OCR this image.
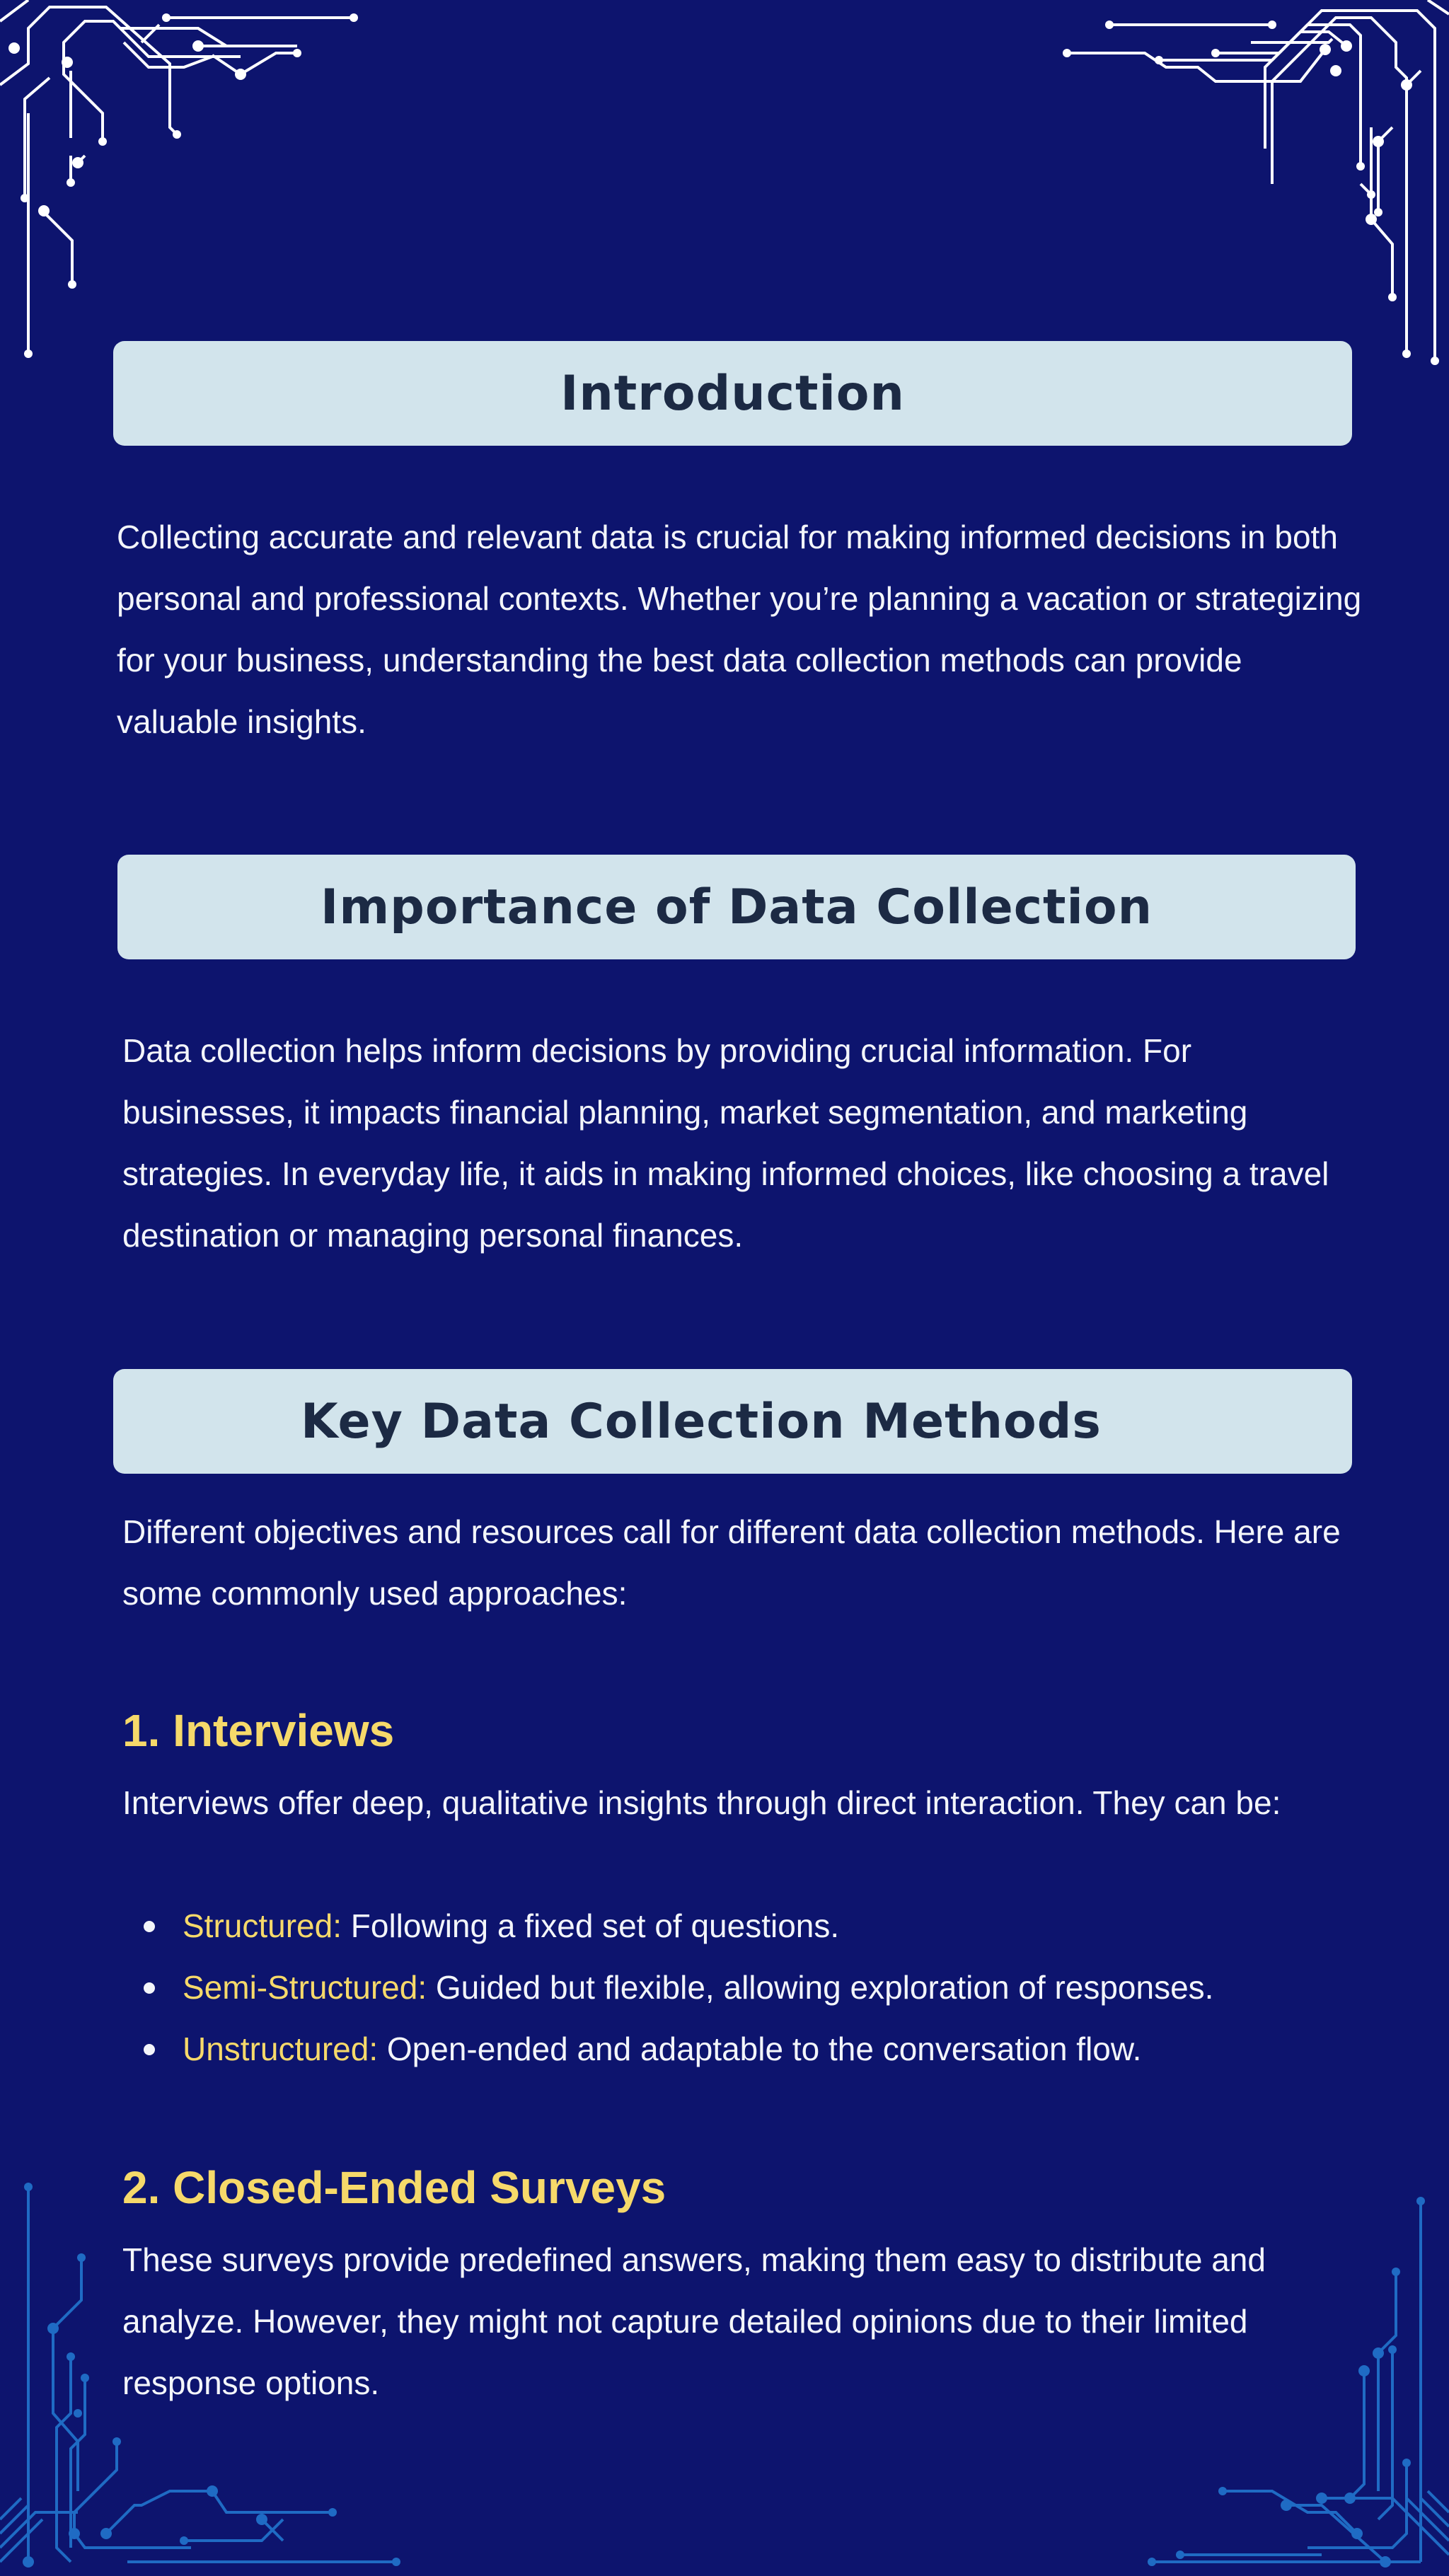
Introduction

Collecting accurate and relevant data is crucial for making informed decisions in both personal and professional contexts. Whether you’re planning a vacation or strategizing for your business, understanding the best data collection methods can provide valuable insights.

Importance of Data Collection

Data collection helps inform decisions by providing crucial information. For businesses, it impacts financial planning, market segmentation, and marketing strategies. In everyday life, it aids in making informed choices, like choosing a travel destination or managing personal finances.

Key Data Collection Methods

Different objectives and resources call for different data collection methods. Here are some commonly used approaches:

1. Interviews

Interviews offer deep, qualitative insights through direct interaction. They can be:

Structured: Following a fixed set of questions.
Semi-Structured: Guided but flexible, allowing exploration of responses.
Unstructured: Open-ended and adaptable to the conversation flow.
2. Closed-Ended Surveys

These surveys provide predefined answers, making them easy to distribute and analyze. However, they might not capture detailed opinions due to their limited response options.
